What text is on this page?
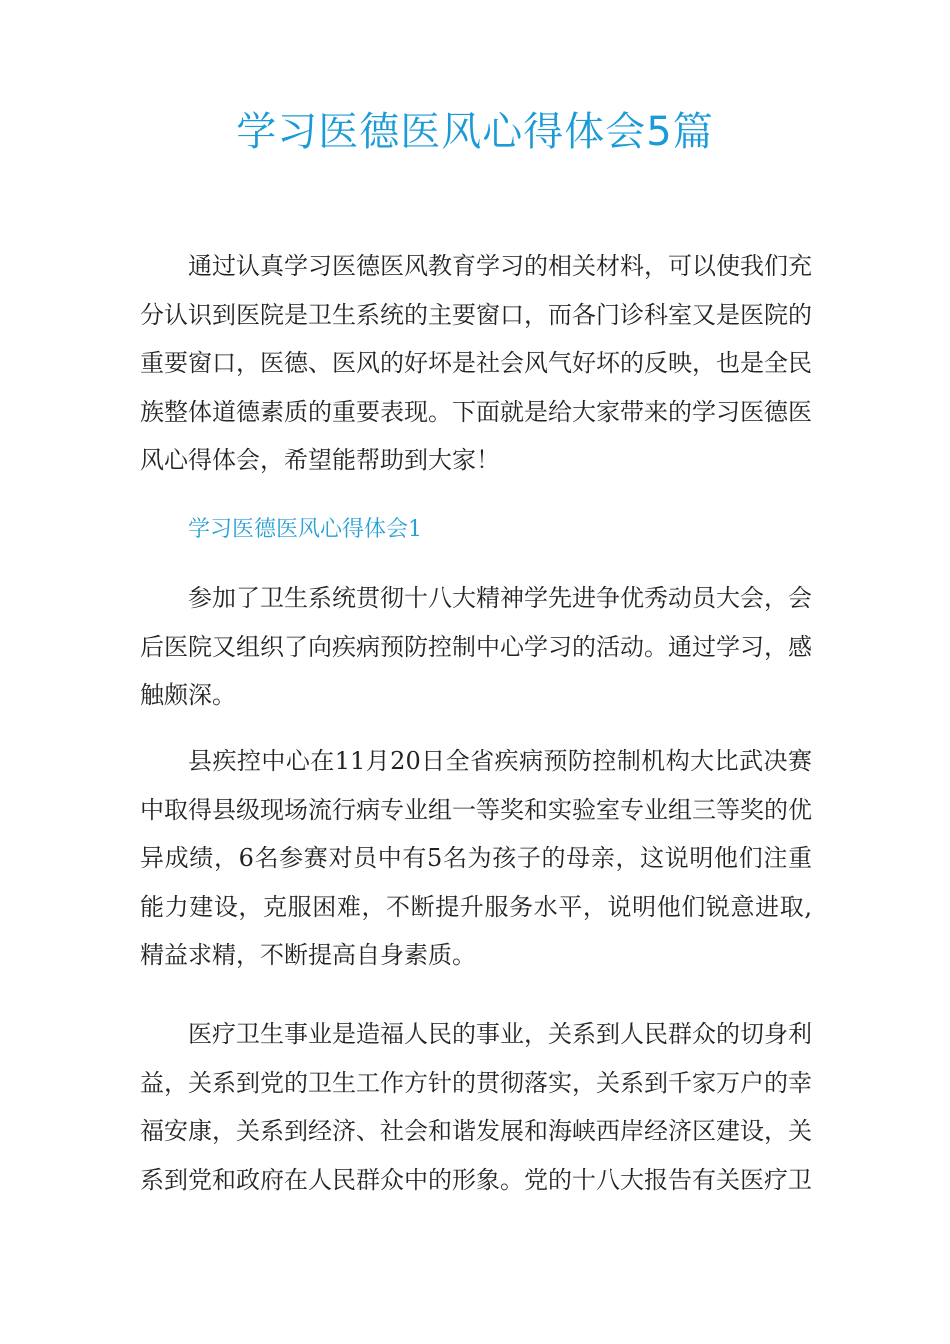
学习医德医风心得体会5篇

通过认真学习医德医风教育学习的相关材料，可以使我们充分认识到医院是卫生系统的主要窗口，而各门诊科室又是医院的重要窗口，医德、医风的好坏是社会风气好坏的反映，也是全民族整体道德素质的重要表现。下面就是给大家带来的学习医德医风心得体会，希望能帮助到大家！

学习医德医风心得体会1

参加了卫生系统贯彻十八大精神学先进争优秀动员大会，会后医院又组织了向疾病预防控制中心学习的活动。通过学习，感触颇深。

县疾控中心在11月20日全省疾病预防控制机构大比武决赛中取得县级现场流行病专业组一等奖和实验室专业组三等奖的优异成绩，6名参赛对员中有5名为孩子的母亲，这说明他们注重能力建设，克服困难，不断提升服务水平，说明他们锐意进取,精益求精，不断提高自身素质。

医疗卫生事业是造福人民的事业，关系到人民群众的切身利益，关系到党的卫生工作方针的贯彻落实，关系到千家万户的幸福安康，关系到经济、社会和谐发展和海峡西岸经济区建设，关系到党和政府在人民群众中的形象。党的十八大报告有关医疗卫
